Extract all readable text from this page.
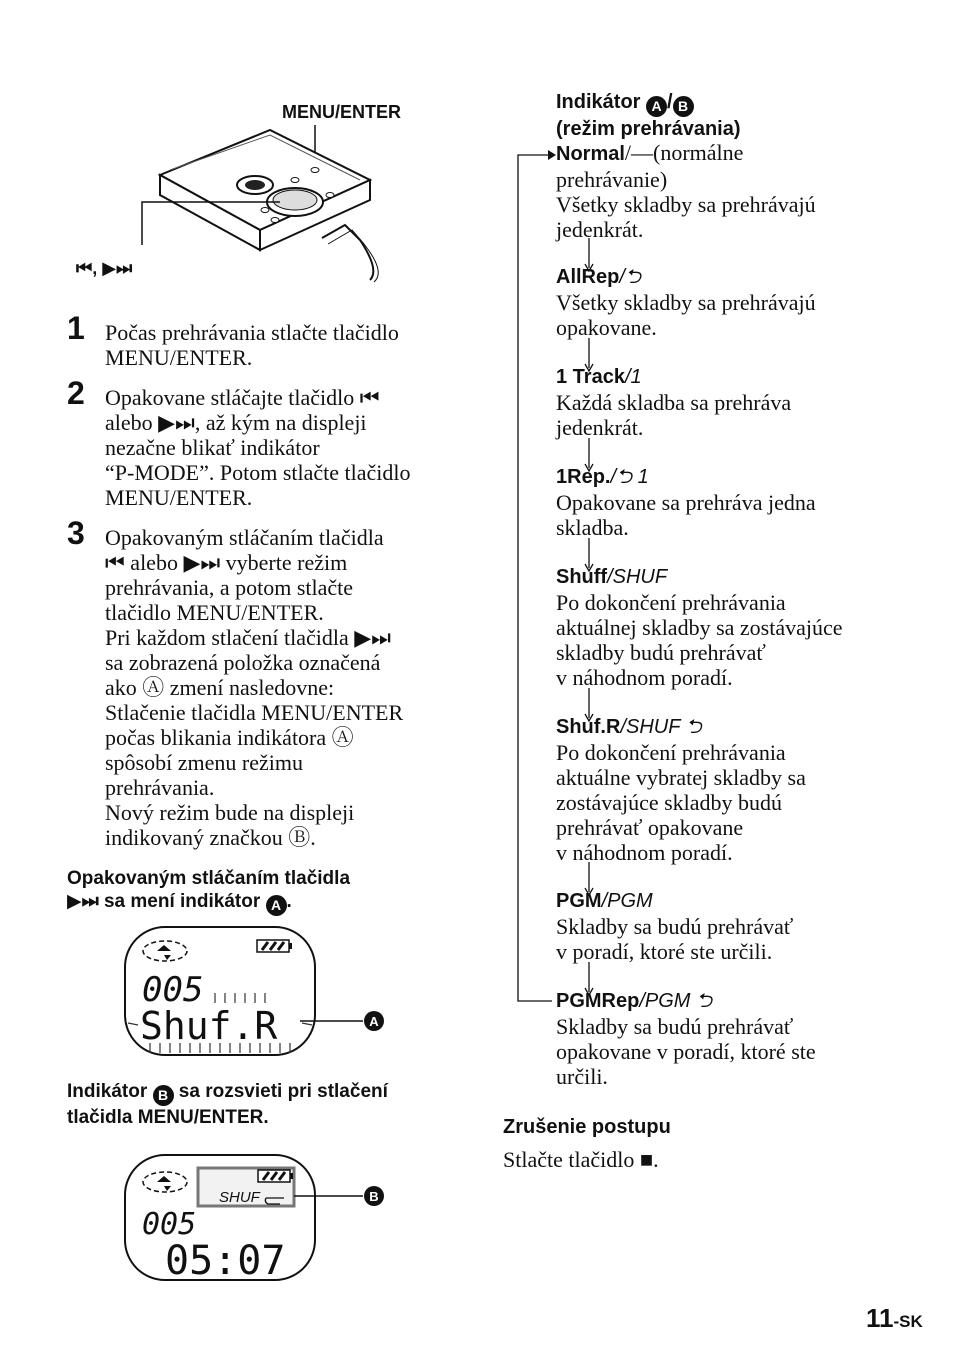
MENU/ENTER
⏮, ▶⏭
1 Počas prehrávania stlačte tlačidlo
MENU/ENTER.
2 Opakovane stláčajte tlačidlo ⏮
alebo ▶⏭, až kým na displeji
nezačne blikať indikátor
“P-MODE”. Potom stlačte tlačidlo
MENU/ENTER.
3 Opakovaným stláčaním tlačidla
⏮ alebo ▶⏭ vyberte režim
prehrávania, a potom stlačte
tlačidlo MENU/ENTER.
Pri každom stlačení tlačidla ▶⏭
sa zobrazená položka označená
ako Ⓐ zmení nasledovne:
Stlačenie tlačidla MENU/ENTER
počas blikania indikátora Ⓐ
spôsobí zmenu režimu
prehrávania.
Nový režim bude na displeji
indikovaný značkou Ⓑ.
Opakovaným stláčaním tlačidla
▶⏭ sa mení indikátor A .
005
Shuf.R	A
Indikátor B sa rozsvieti pri stlačení
tlačidla MENU/ENTER.
SHUF
005
05:07
B
Indikátor A / B
(režim prehrávania)
Normal/—(normálne
prehrávanie)
Všetky skladby sa prehrávajú
jedenkrát.
AllRep/⮌
Všetky skladby sa prehrávajú
opakovane.
1 Track/1
Každá skladba sa prehráva
jedenkrát.
1Rep./⮌ 1
Opakovane sa prehráva jedna
skladba.
Shuff/SHUF
Po dokončení prehrávania
aktuálnej skladby sa zostávajúce
skladby budú prehrávať
v náhodnom poradí.
Shuf.R/SHUF ⮌
Po dokončení prehrávania
aktuálne vybratej skladby sa
zostávajúce skladby budú
prehrávať opakovane
v náhodnom poradí.
PGM/PGM
Skladby sa budú prehrávať
v poradí, ktoré ste určili.
PGMRep/PGM ⮌
Skladby sa budú prehrávať
opakovane v poradí, ktoré ste
určili.
Zrušenie postupu
Stlačte tlačidlo ■.
11-SK
